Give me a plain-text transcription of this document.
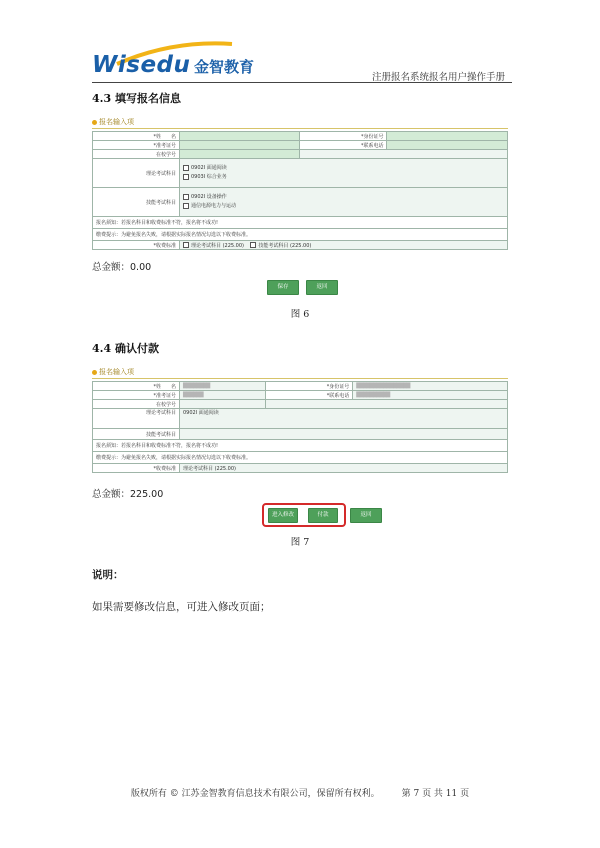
Wisedu 金智教育
注册报名系统报名用户操作手册
4.3 填写报名信息
报名输入项
*姓　　名		*身份证号	
*准考证号		*联系电话	
在校学号			
理论考试科目	0902I 面通阅读
0903I 综合业务		

技能考试科目	0902I 设备操作
通信电源电力与运动		

报名须知：若报名科目和收费标准不符，报名将不成功!			
缴费提示：为避免报名失败，请根据实际报名情况勾选以下收费标准。			
*收费标准	理论考试科目 (225.00) 技能考试科目 (225.00)		
总金额：0.00
保存	返回
图 6
4.4 确认付款
报名输入项
*姓　　名	████████	*身份证号	████████████████
*准考证号	██████	*联系电话	██████████
在校学号			
理论考试科目	0902I 面通阅读		
技能考试科目			
报名须知：若报名科目和收费标准不符，报名将不成功!			
缴费提示：为避免报名失败，请根据实际报名情况勾选以下收费标准。			
*收费标准	理论考试科目 (225.00)		
总金额：225.00
进入修改	付款	返回
图 7
说明：
如果需要修改信息，可进入修改页面；
版权所有 © 江苏金智教育信息技术有限公司，保留所有权利。 第 7 页 共 11 页
